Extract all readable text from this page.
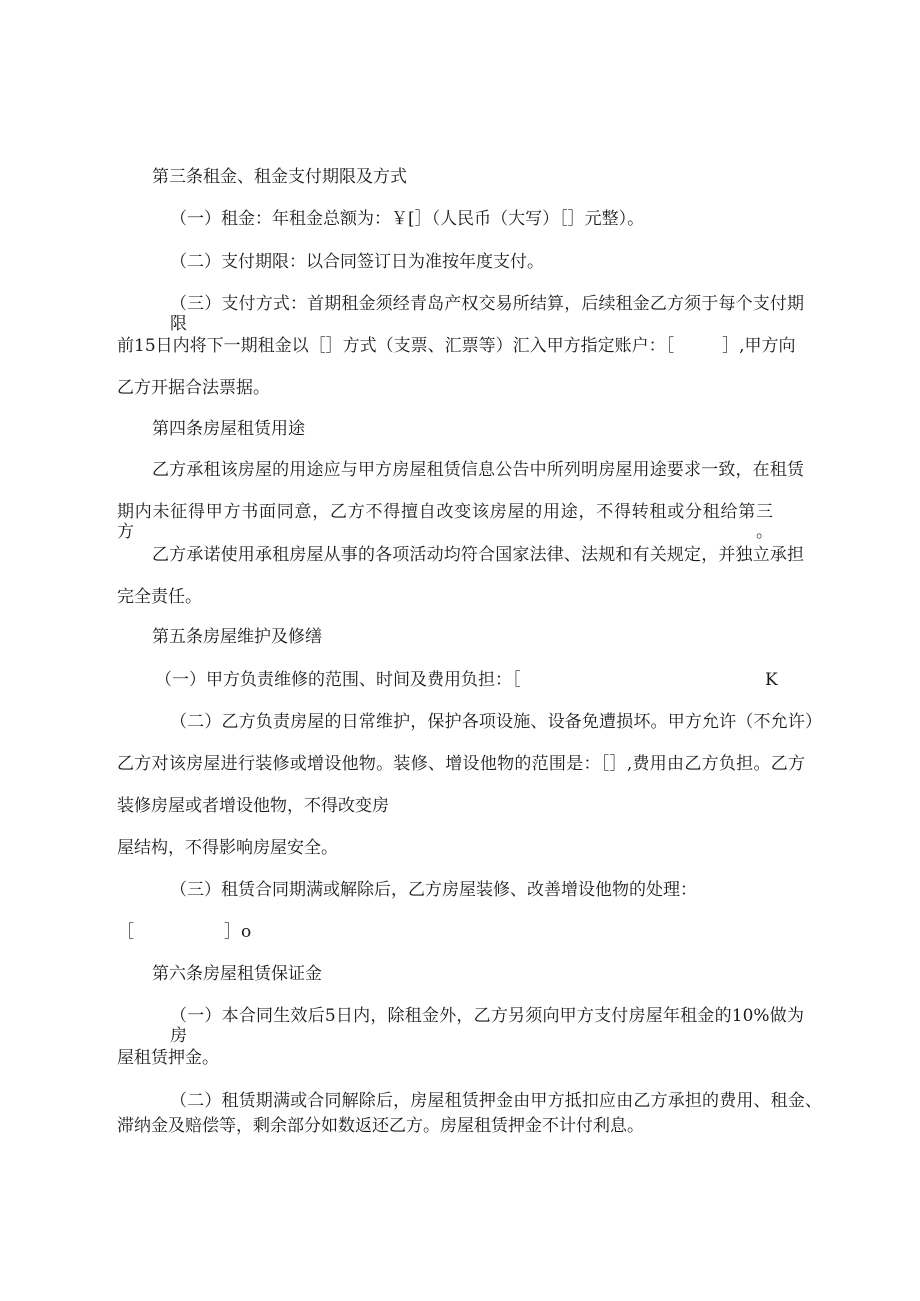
第三条租金、租金支付期限及方式

（一）租金：年租金总额为：￥[］（人民币（大写）［］元整）。

（二）支付期限：以合同签订日为准按年度支付。

（三）支付方式：首期租金须经青岛产权交易所结算，后续租金乙方须于每个支付期限

前15日内将下一期租金以［］方式（支票、汇票等）汇入甲方指定账户：［	］,甲方向

乙方开据合法票据。

第四条房屋租赁用途

乙方承租该房屋的用途应与甲方房屋租赁信息公告中所列明房屋用途要求一致，在租赁

期内未征得甲方书面同意，乙方不得擅自改变该房屋的用途，不得转租或分租给第三方。

乙方承诺使用承租房屋从事的各项活动均符合国家法律、法规和有关规定，并独立承担

完全责任。

第五条房屋维护及修缮

（一）甲方负责维修的范围、时间及费用负担：［	K

（二）乙方负责房屋的日常维护，保护各项设施、设备免遭损坏。甲方允许（不允许）

乙方对该房屋进行装修或增设他物。装修、增设他物的范围是：［］,费用由乙方负担。乙方

装修房屋或者增设他物，不得改变房

屋结构，不得影响房屋安全。

（三）租赁合同期满或解除后，乙方房屋装修、改善增设他物的处理：

［	］o

第六条房屋租赁保证金

（一）本合同生效后5日内，除租金外，乙方另须向甲方支付房屋年租金的10%做为房

屋租赁押金。

（二）租赁期满或合同解除后，房屋租赁押金由甲方抵扣应由乙方承担的费用、租金、

滞纳金及赔偿等，剩余部分如数返还乙方。房屋租赁押金不计付利息。
